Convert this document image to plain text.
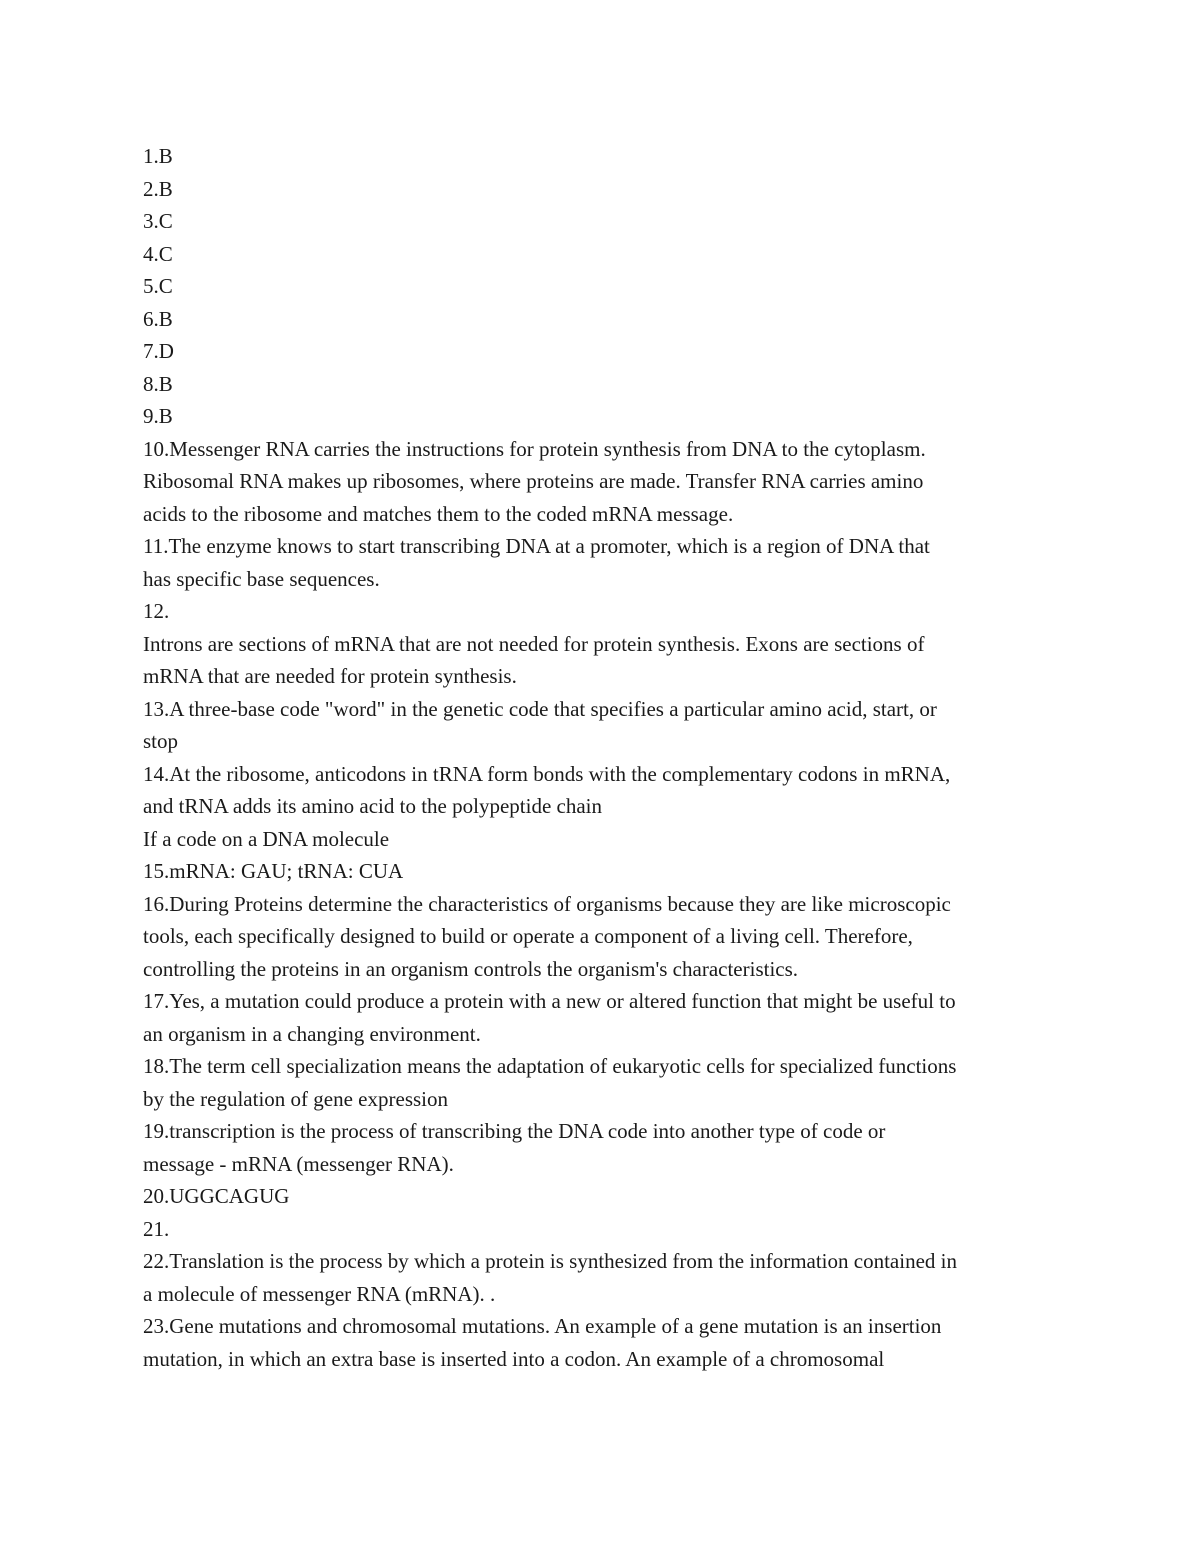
1.B
2.B
3.C
4.C
5.C
6.B
7.D
8.B
9.B
10.Messenger RNA carries the instructions for protein synthesis from DNA to the cytoplasm.
Ribosomal RNA makes up ribosomes, where proteins are made. Transfer RNA carries amino
acids to the ribosome and matches them to the coded mRNA message.
11.The enzyme knows to start transcribing DNA at a promoter, which is a region of DNA that
has specific base sequences.
12.
Introns are sections of mRNA that are not needed for protein synthesis. Exons are sections of
mRNA that are needed for protein synthesis.
13.A three-base code "word" in the genetic code that specifies a particular amino acid, start, or
stop
14.At the ribosome, anticodons in tRNA form bonds with the complementary codons in mRNA,
and tRNA adds its amino acid to the polypeptide chain
If a code on a DNA molecule
15.mRNA: GAU; tRNA: CUA
16.During Proteins determine the characteristics of organisms because they are like microscopic
tools, each specifically designed to build or operate a component of a living cell. Therefore,
controlling the proteins in an organism controls the organism's characteristics.
17.Yes, a mutation could produce a protein with a new or altered function that might be useful to
an organism in a changing environment.
18.The term cell specialization means the adaptation of eukaryotic cells for specialized functions
by the regulation of gene expression
19.transcription is the process of transcribing the DNA code into another type of code or
message - mRNA (messenger RNA).
20.UGGCAGUG
21.
22.Translation is the process by which a protein is synthesized from the information contained in
a molecule of messenger RNA (mRNA). .
23.Gene mutations and chromosomal mutations. An example of a gene mutation is an insertion
mutation, in which an extra base is inserted into a codon. An example of a chromosomal
